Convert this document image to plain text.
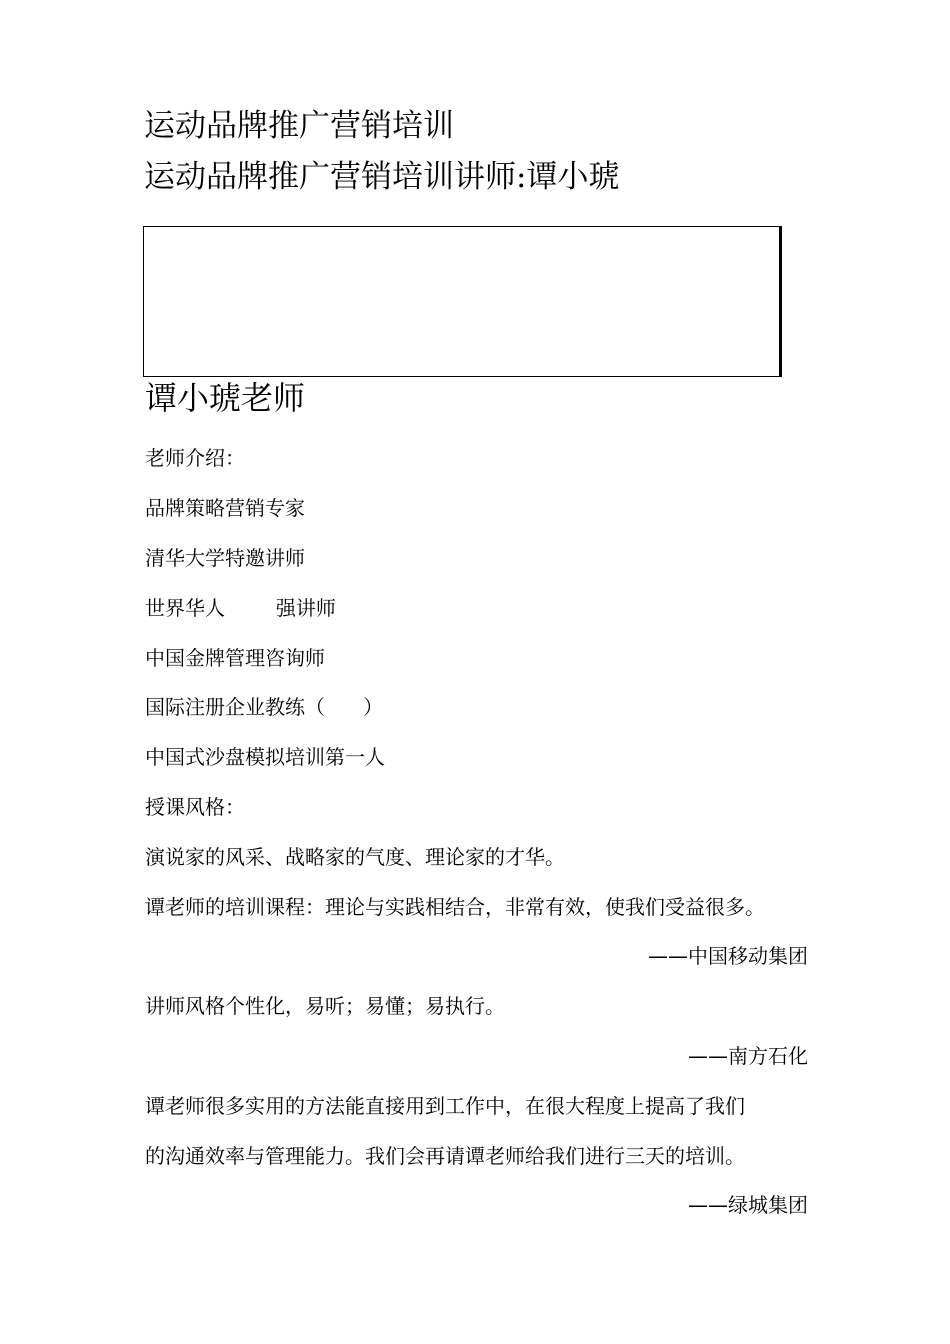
运动品牌推广营销培训
运动品牌推广营销培训讲师:谭小琥
谭小琥老师
老师介绍：
品牌策略营销专家
清华大学特邀讲师
世界华人        强讲师
中国金牌管理咨询师
国际注册企业教练（      ）
中国式沙盘模拟培训第一人
授课风格：
演说家的风采、战略家的气度、理论家的才华。
谭老师的培训课程：理论与实践相结合，非常有效，使我们受益很多。
——中国移动集团
讲师风格个性化，易听；易懂；易执行。
——南方石化
谭老师很多实用的方法能直接用到工作中，在很大程度上提高了我们
的沟通效率与管理能力。我们会再请谭老师给我们进行三天的培训。
——绿城集团
